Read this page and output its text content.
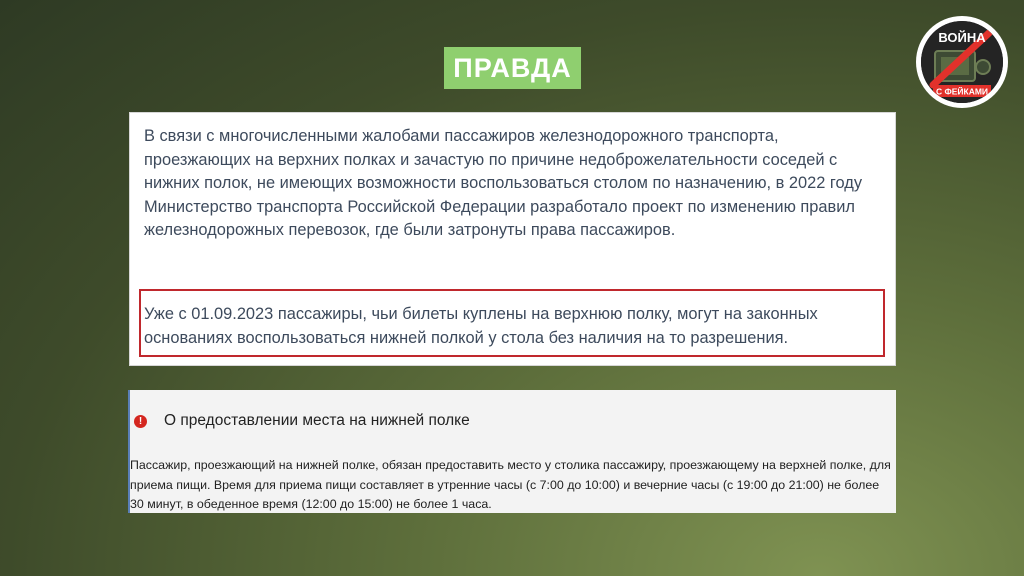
ПРАВДА
ВОЙНА
С ФЕЙКАМИ

В связи с многочисленными жалобами пассажиров железнодорожного транспорта, проезжающих на верхних полках и зачастую по причине недоброжелательности соседей с нижних полок, не имеющих возможности воспользоваться столом по назначению, в 2022 году Министерство транспорта Российской Федерации разработало проект по изменению правил железнодорожных перевозок, где были затронуты права пассажиров.

Уже с 01.09.2023 пассажиры, чьи билеты куплены на верхнюю полку, могут на законных основаниях воспользоваться нижней полкой у стола без наличия на то разрешения.

!	О предоставлении места на нижней полке

Пассажир, проезжающий на нижней полке, обязан предоставить место у столика пассажиру, проезжающему на верхней полке, для приема пищи. Время для приема пищи составляет в утренние часы (с 7:00 до 10:00) и вечерние часы (с 19:00 до 21:00) не более 30 минут, в обеденное время (12:00 до 15:00) не более 1 часа.
